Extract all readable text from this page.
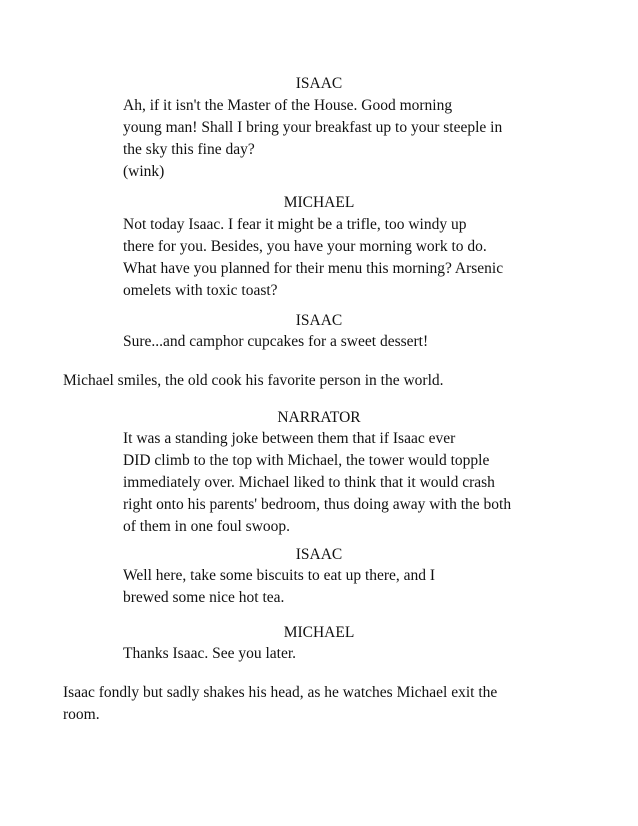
ISAAC
Ah, if it isn't the Master of the House. Good morning
young man! Shall I bring your breakfast up to your steeple in
the sky this fine day?
(wink)
MICHAEL
Not today Isaac. I fear it might be a trifle, too windy up
there for you. Besides, you have your morning work to do.
What have you planned for their menu this morning? Arsenic
omelets with toxic toast?
ISAAC
Sure...and camphor cupcakes for a sweet dessert!
Michael smiles, the old cook his favorite person in the world.
NARRATOR
It was a standing joke between them that if Isaac ever
DID climb to the top with Michael, the tower would topple
immediately over. Michael liked to think that it would crash
right onto his parents' bedroom, thus doing away with the both
of them in one foul swoop.
ISAAC
Well here, take some biscuits to eat up there, and I
brewed some nice hot tea.
MICHAEL
Thanks Isaac. See you later.
Isaac fondly but sadly shakes his head, as he watches Michael exit the
room.
